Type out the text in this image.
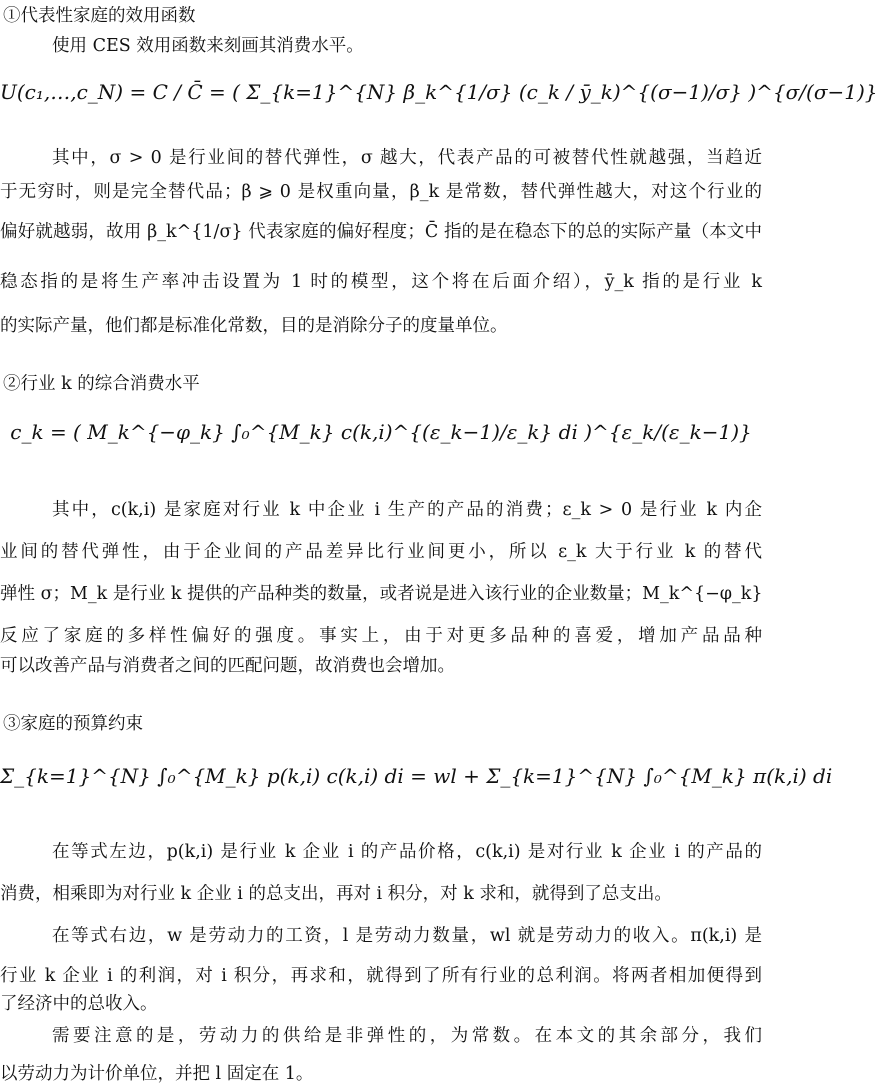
①代表性家庭的效用函数
使用 CES 效用函数来刻画其消费水平。
U(c₁,…,c_N) = C / C̄ = ( Σ_{k=1}^{N} β_k^{1/σ} (c_k / ȳ_k)^{(σ−1)/σ} )^{σ/(σ−1)}
其中，σ > 0 是行业间的替代弹性，σ 越大，代表产品的可被替代性就越强，当趋近
于无穷时，则是完全替代品；β ⩾ 0 是权重向量，β_k 是常数，替代弹性越大，对这个行业的
偏好就越弱，故用 β_k^{1/σ} 代表家庭的偏好程度；C̄ 指的是在稳态下的总的实际产量（本文中
稳态指的是将生产率冲击设置为 1 时的模型，这个将在后面介绍），ȳ_k 指的是行业 k
的实际产量，他们都是标准化常数，目的是消除分子的度量单位。
②行业 k 的综合消费水平
c_k = ( M_k^{−φ_k} ∫₀^{M_k} c(k,i)^{(ε_k−1)/ε_k} di )^{ε_k/(ε_k−1)}
其中，c(k,i) 是家庭对行业 k 中企业 i 生产的产品的消费；ε_k > 0 是行业 k 内企
业间的替代弹性，由于企业间的产品差异比行业间更小，所以 ε_k 大于行业 k 的替代
弹性 σ；M_k 是行业 k 提供的产品种类的数量，或者说是进入该行业的企业数量；M_k^{−φ_k}
反应了家庭的多样性偏好的强度。事实上，由于对更多品种的喜爱，增加产品品种
可以改善产品与消费者之间的匹配问题，故消费也会增加。
③家庭的预算约束
Σ_{k=1}^{N} ∫₀^{M_k} p(k,i) c(k,i) di = wl + Σ_{k=1}^{N} ∫₀^{M_k} π(k,i) di
在等式左边，p(k,i) 是行业 k 企业 i 的产品价格，c(k,i) 是对行业 k 企业 i 的产品的
消费，相乘即为对行业 k 企业 i 的总支出，再对 i 积分，对 k 求和，就得到了总支出。
在等式右边，w 是劳动力的工资，l 是劳动力数量，wl 就是劳动力的收入。π(k,i) 是
行业 k 企业 i 的利润，对 i 积分，再求和，就得到了所有行业的总利润。将两者相加便得到
了经济中的总收入。
需要注意的是，劳动力的供给是非弹性的，为常数。在本文的其余部分，我们
以劳动力为计价单位，并把 l 固定在 1。
